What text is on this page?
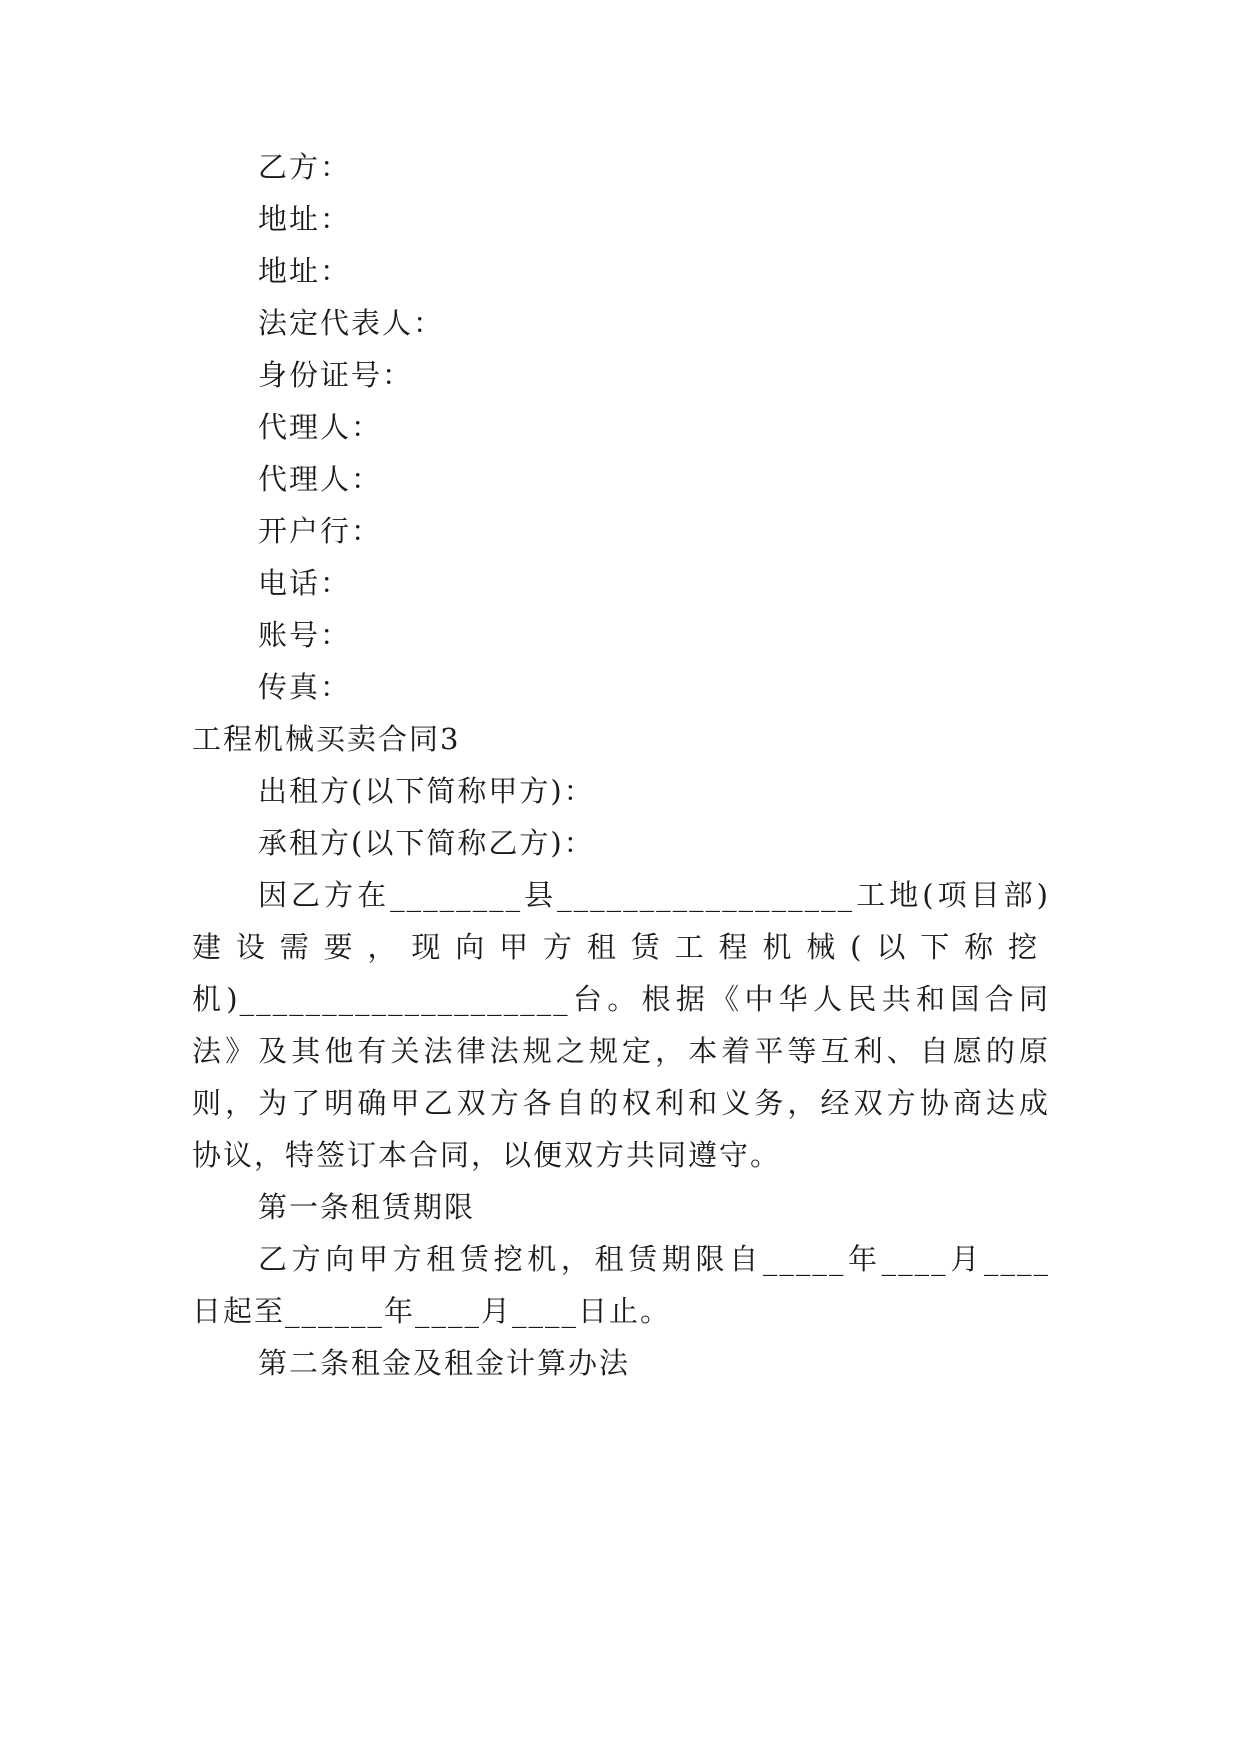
乙方：
地址：
地址：
法定代表人：
身份证号：
代理人：
代理人：
开户行：
电话：
账号：
传真：
工程机械买卖合同3
出租方(以下简称甲方)：
承租方(以下简称乙方)：
因乙方在________县__________________工地(项目部)
建设需要，现向甲方租赁工程机械(以下称挖
机)____________________台。根据《中华人民共和国合同
法》及其他有关法律法规之规定，本着平等互利、自愿的原
则，为了明确甲乙双方各自的权利和义务，经双方协商达成
协议，特签订本合同，以便双方共同遵守。
第一条租赁期限
乙方向甲方租赁挖机，租赁期限自_____年____月____
日起至______年____月____日止。
第二条租金及租金计算办法
